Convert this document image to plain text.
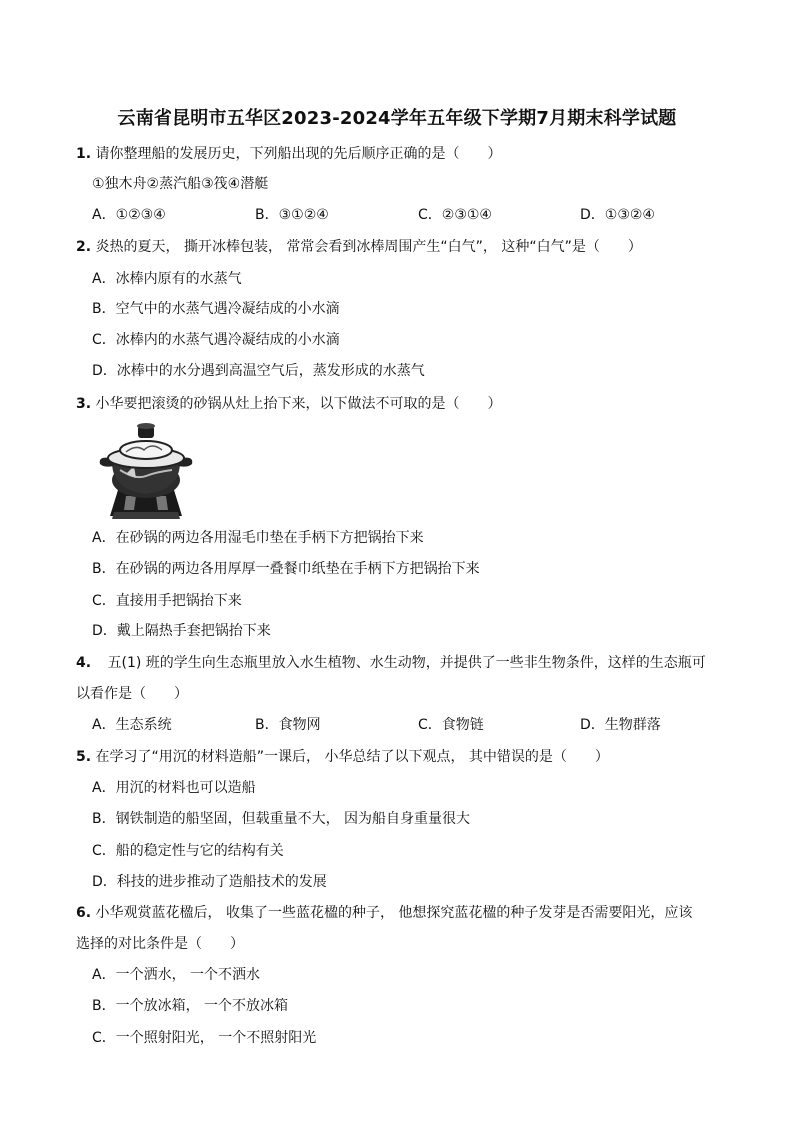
云南省昆明市五华区2023-2024学年五年级下学期7月期末科学试题
1. 请你整理船的发展历史，下列船出现的先后顺序正确的是（　　）
①独木舟②蒸汽船③筏④潜艇
A．①②③④	B．③①②④	C．②③①④	D．①③②④
2. 炎热的夏天， 撕开冰棒包装， 常常会看到冰棒周围产生“白气”， 这种“白气”是（　　）
A．冰棒内原有的水蒸气
B．空气中的水蒸气遇冷凝结成的小水滴
C．冰棒内的水蒸气遇冷凝结成的小水滴
D．冰棒中的水分遇到高温空气后，蒸发形成的水蒸气
3. 小华要把滚烫的砂锅从灶上抬下来，以下做法不可取的是（　　）
A．在砂锅的两边各用湿毛巾垫在手柄下方把锅抬下来
B．在砂锅的两边各用厚厚一叠餐巾纸垫在手柄下方把锅抬下来
C．直接用手把锅抬下来
D．戴上隔热手套把锅抬下来
4. 五(1) 班的学生向生态瓶里放入水生植物、水生动物，并提供了一些非生物条件，这样的生态瓶可
以看作是（　　）
A．生态系统	B．食物网	C．食物链	D．生物群落
5. 在学习了“用沉的材料造船”一课后， 小华总结了以下观点， 其中错误的是（　　）
A．用沉的材料也可以造船
B．钢铁制造的船坚固，但载重量不大， 因为船自身重量很大
C．船的稳定性与它的结构有关
D．科技的进步推动了造船技术的发展
6. 小华观赏蓝花楹后， 收集了一些蓝花楹的种子， 他想探究蓝花楹的种子发芽是否需要阳光，应该
选择的对比条件是（　　）
A．一个洒水， 一个不洒水
B．一个放冰箱， 一个不放冰箱
C．一个照射阳光， 一个不照射阳光
